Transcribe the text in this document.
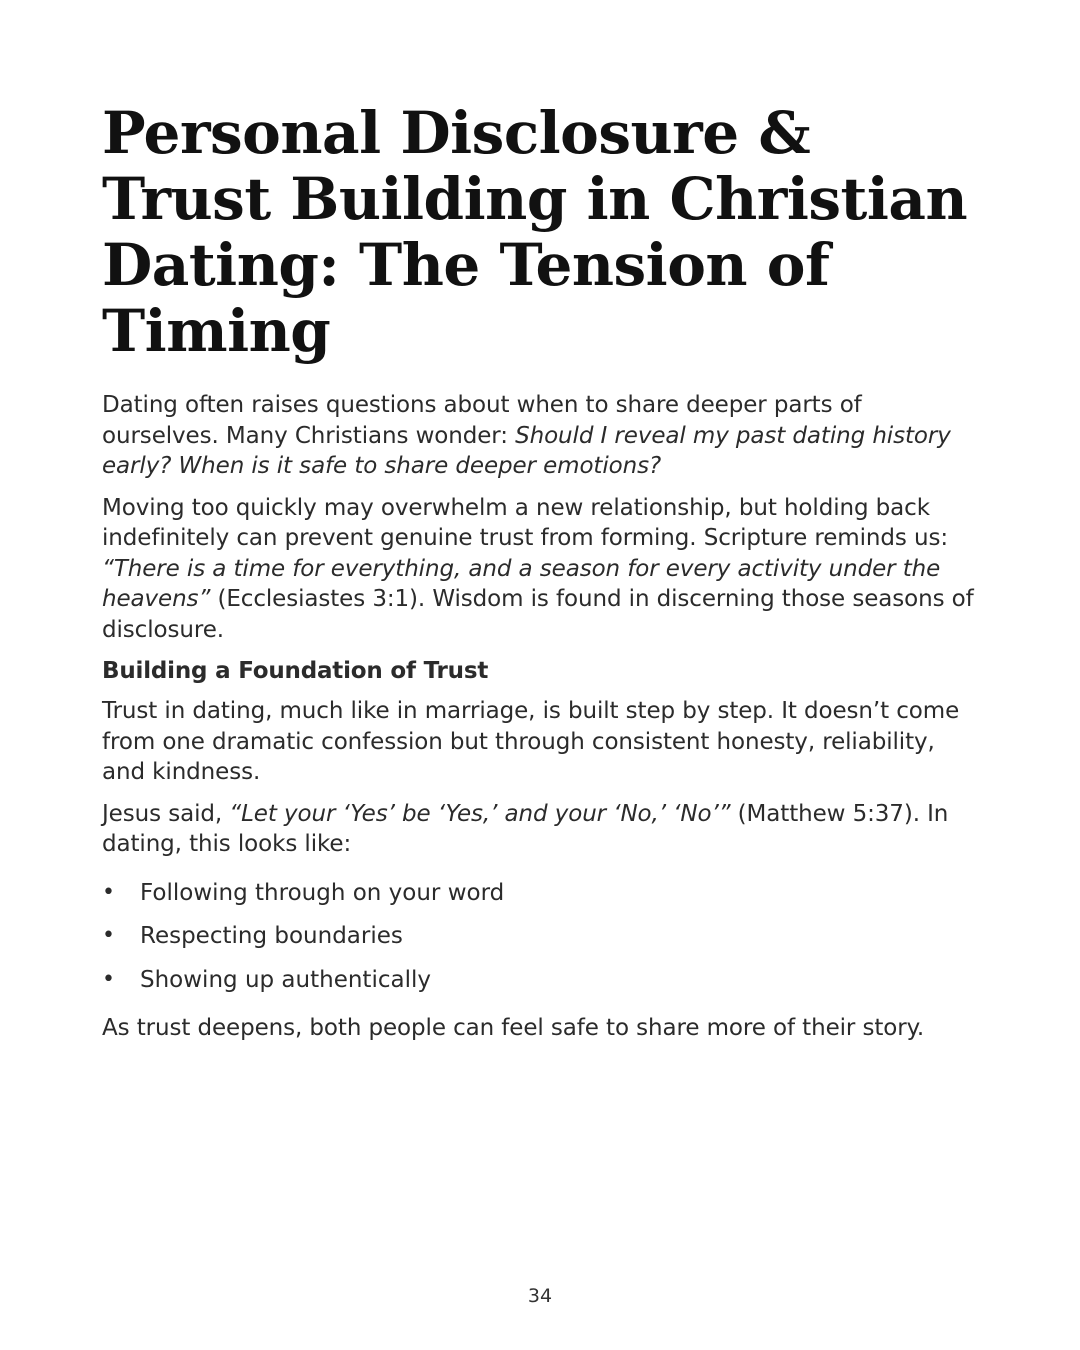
Personal Disclosure & Trust Building in Christian Dating: The Tension of Timing

Dating often raises questions about when to share deeper parts of ourselves. Many Christians wonder: Should I reveal my past dating history early? When is it safe to share deeper emotions?

Moving too quickly may overwhelm a new relationship, but holding back indefinitely can prevent genuine trust from forming. Scripture reminds us: “There is a time for everything, and a season for every activity under the heavens” (Ecclesiastes 3:1). Wisdom is found in discerning those seasons of disclosure.

Building a Foundation of Trust

Trust in dating, much like in marriage, is built step by step. It doesn’t come from one dramatic confession but through consistent honesty, reliability, and kindness.

Jesus said, “Let your ‘Yes’ be ‘Yes,’ and your ‘No,’ ‘No’” (Matthew 5:37). In dating, this looks like:

• Following through on your word
• Respecting boundaries
• Showing up authentically

As trust deepens, both people can feel safe to share more of their story.

34
